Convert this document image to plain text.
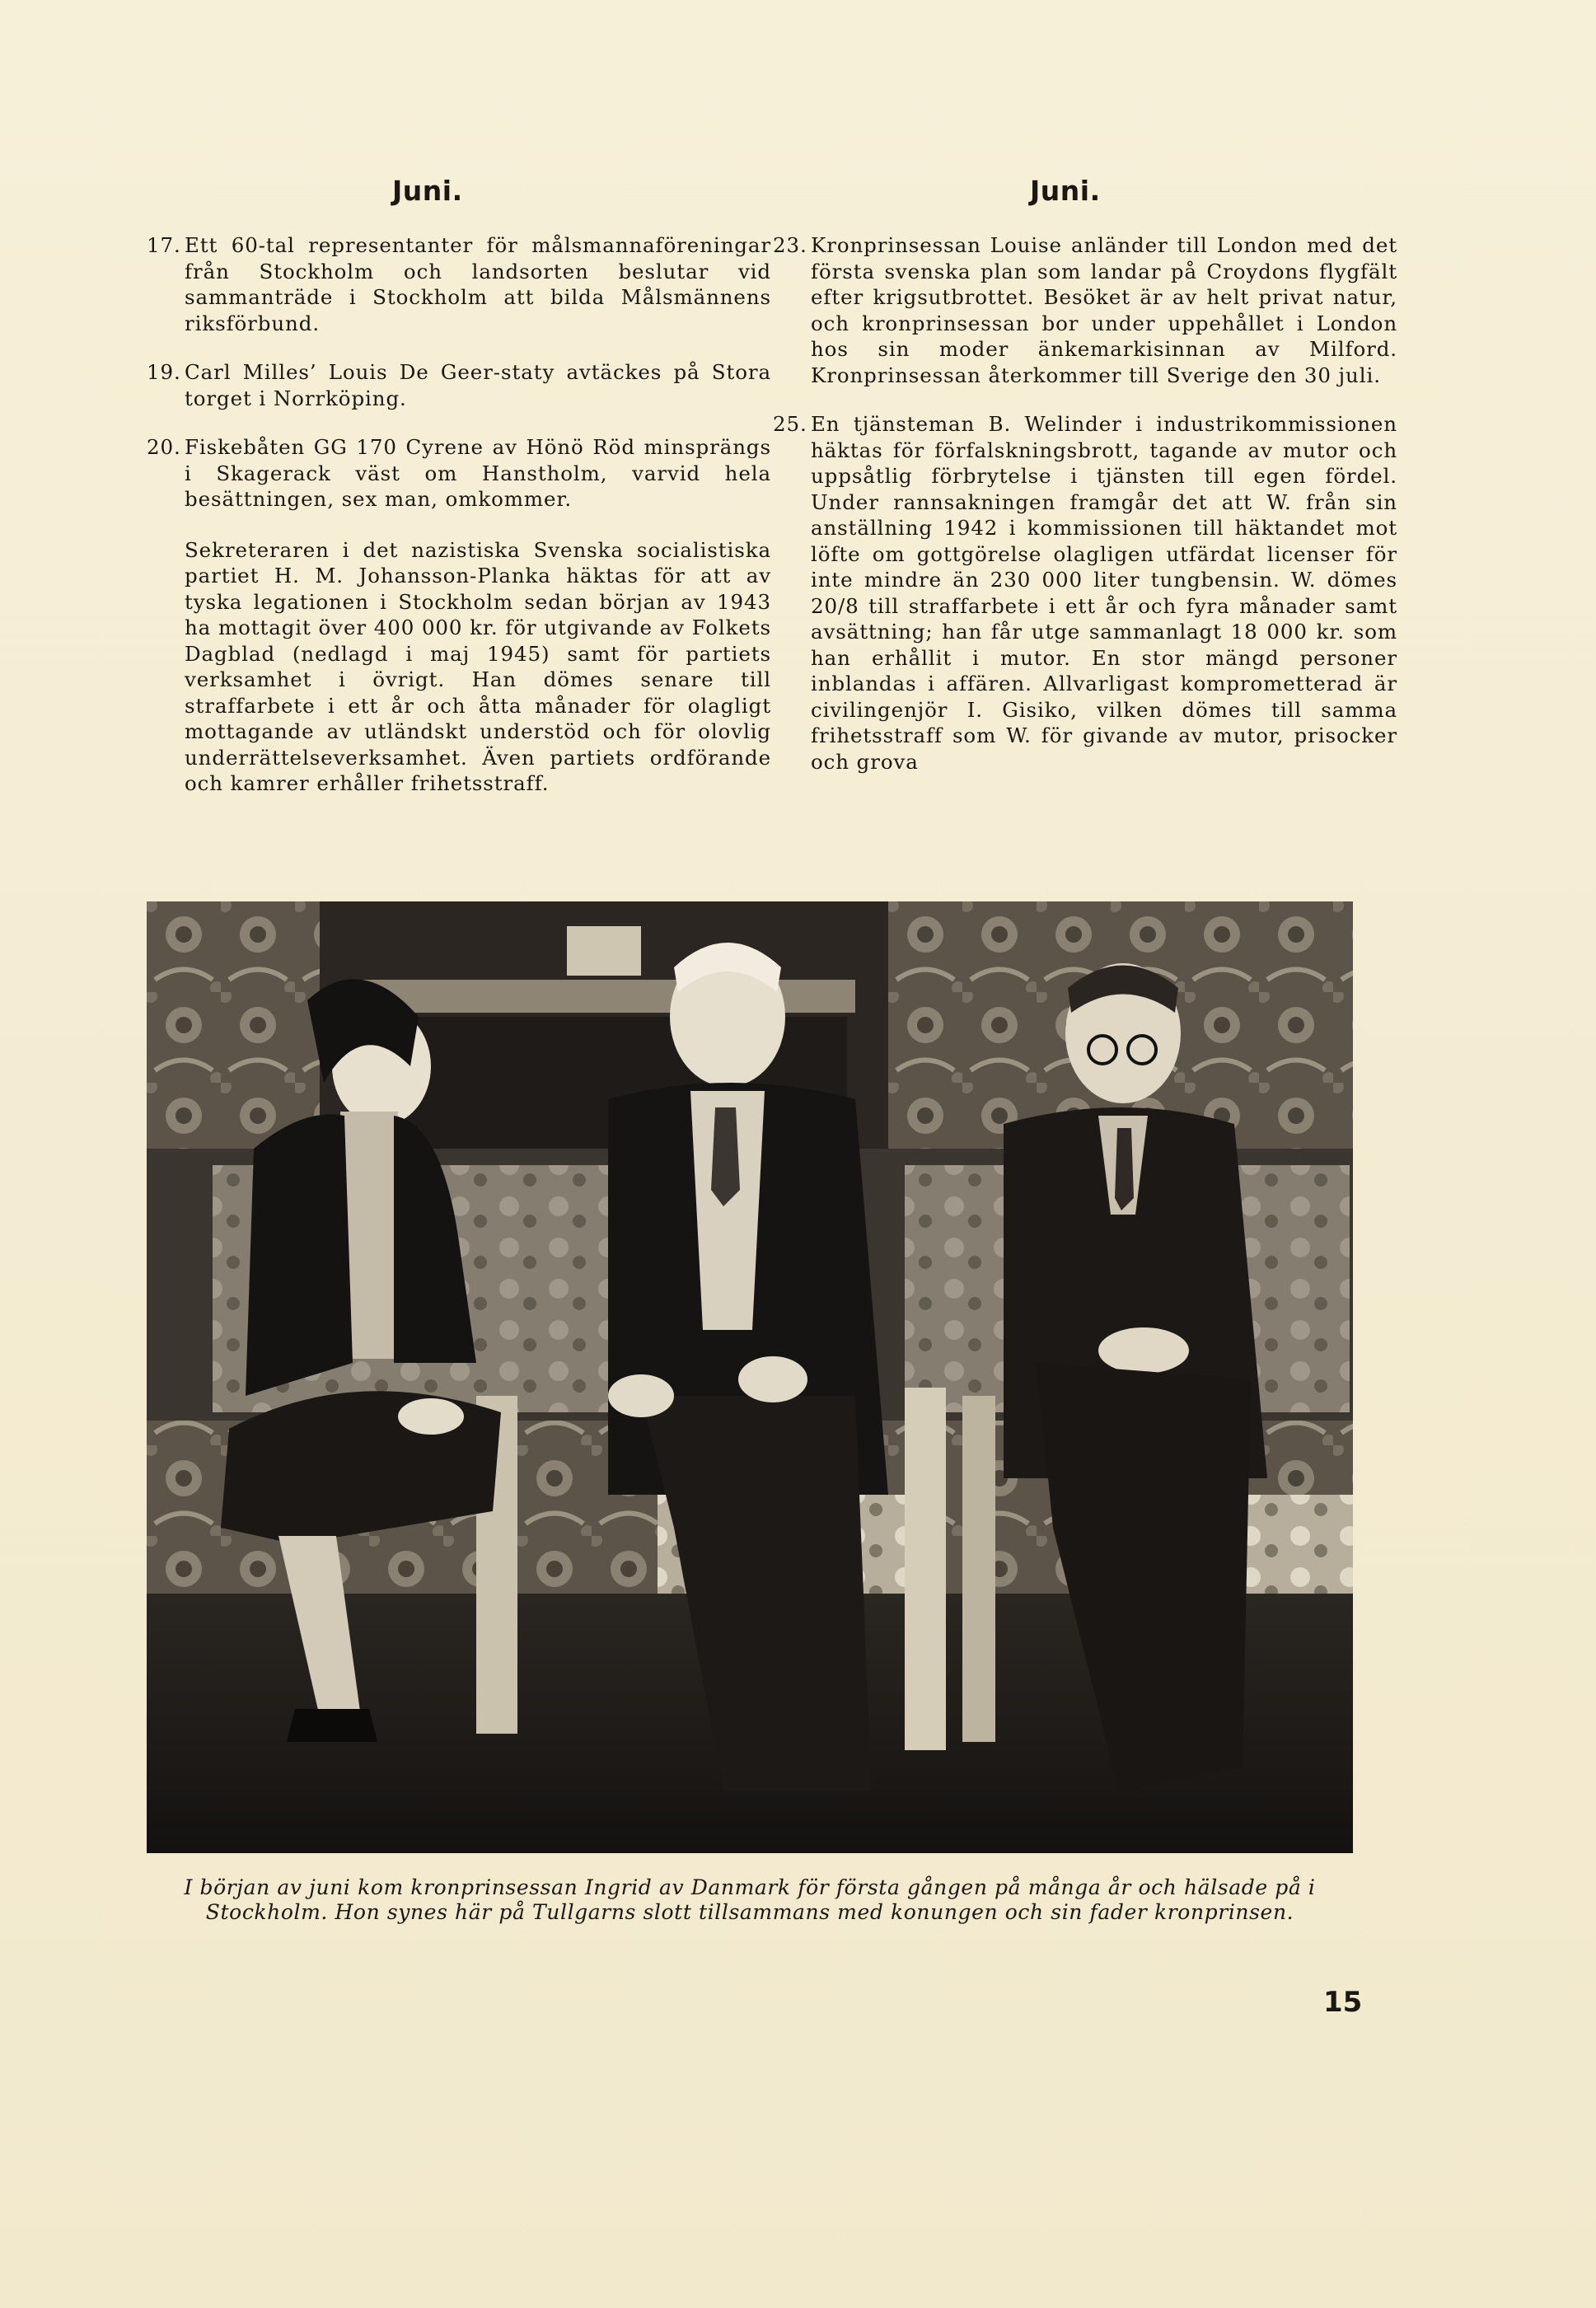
Juni.	Juni.
17. Ett 60-tal representanter för målsmannaföreningar från Stockholm och landsorten beslutar vid sammanträde i Stockholm att bilda Målsmännens riksförbund.
19. Carl Milles’ Louis De Geer-staty avtäckes på Stora torget i Norrköping.
20. Fiskebåten GG 170 Cyrene av Hönö Röd minsprängs i Skagerack väst om Hanstholm, varvid hela besättningen, sex man, omkommer.
Sekreteraren i det nazistiska Svenska socialistiska partiet H. M. Johansson-Planka häktas för att av tyska legationen i Stockholm sedan början av 1943 ha mottagit över 400 000 kr. för utgivande av Folkets Dagblad (nedlagd i maj 1945) samt för partiets verksamhet i övrigt. Han dömes senare till straffarbete i ett år och åtta månader för olagligt mottagande av utländskt understöd och för olovlig underrättelseverksamhet. Även partiets ordförande och kamrer erhåller frihetsstraff.
23. Kronprinsessan Louise anländer till London med det första svenska plan som landar på Croydons flygfält efter krigsutbrottet. Besöket är av helt privat natur, och kronprinsessan bor under uppehållet i London hos sin moder änkemarkisinnan av Milford. Kronprinsessan återkommer till Sverige den 30 juli.
25. En tjänsteman B. Welinder i industrikommissionen häktas för förfalskningsbrott, tagande av mutor och uppsåtlig förbrytelse i tjänsten till egen fördel. Under rannsakningen framgår det att W. från sin anställning 1942 i kommissionen till häktandet mot löfte om gottgörelse olagligen utfärdat licenser för inte mindre än 230 000 liter tungbensin. W. dömes 20/8 till straffarbete i ett år och fyra månader samt avsättning; han får utge sammanlagt 18 000 kr. som han erhållit i mutor. En stor mängd personer inblandas i affären. Allvarligast komprometterad är civilingenjör I. Gisiko, vilken dömes till samma frihetsstraff som W. för givande av mutor, prisocker och grova
I början av juni kom kronprinsessan Ingrid av Danmark för första gången på många år och hälsade på i Stockholm. Hon synes här på Tullgarns slott tillsammans med konungen och sin fader kronprinsen.
15
